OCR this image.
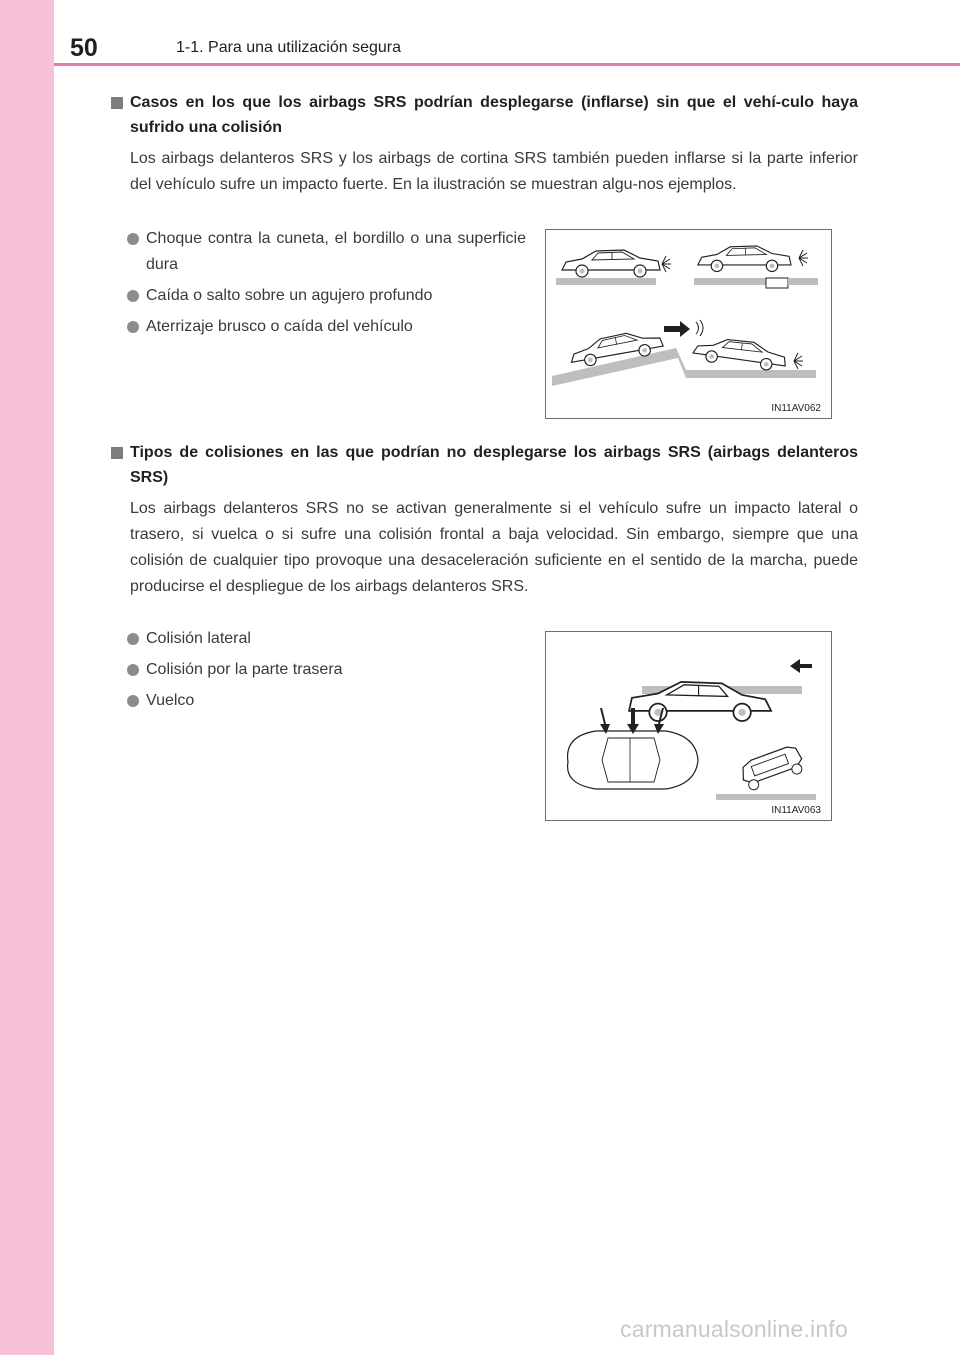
50	1-1. Para una utilización segura
Casos en los que los airbags SRS podrían desplegarse (inflarse) sin que el vehí-culo haya sufrido una colisión

Los airbags delanteros SRS y los airbags de cortina SRS también pueden inflarse si la parte inferior del vehículo sufre un impacto fuerte. En la ilustración se muestran algu-nos ejemplos.

Choque contra la cuneta, el bordillo o una superficie dura
Caída o salto sobre un agujero profundo
Aterrizaje brusco o caída del vehículo
IN11AV062
Tipos de colisiones en las que podrían no desplegarse los airbags SRS (airbags delanteros SRS)

Los airbags delanteros SRS no se activan generalmente si el vehículo sufre un impacto lateral o trasero, si vuelca o si sufre una colisión frontal a baja velocidad. Sin embargo, siempre que una colisión de cualquier tipo provoque una desaceleración suficiente en el sentido de la marcha, puede producirse el despliegue de los airbags delanteros SRS.

Colisión lateral
Colisión por la parte trasera
Vuelco
IN11AV063
carmanualsonline.info
